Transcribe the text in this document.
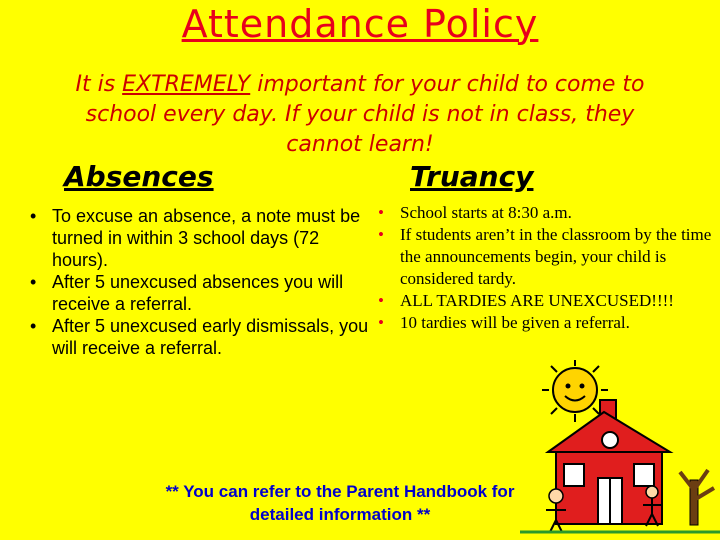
Attendance Policy
It is EXTREMELY important for your child to come to school every day. If your child is not in class, they cannot learn!
Absences	Truancy
• To excuse an absence, a note must be turned in within 3 school days (72 hours).
• After 5 unexcused absences you will receive a referral.
• After 5 unexcused early dismissals, you will receive a referral.
• School starts at 8:30 a.m.
• If students aren’t in the classroom by the time the announcements begin, your child is considered tardy.
• ALL TARDIES ARE UNEXCUSED!!!!
• 10 tardies will be given a referral.
** You can refer to the Parent Handbook for detailed information **
